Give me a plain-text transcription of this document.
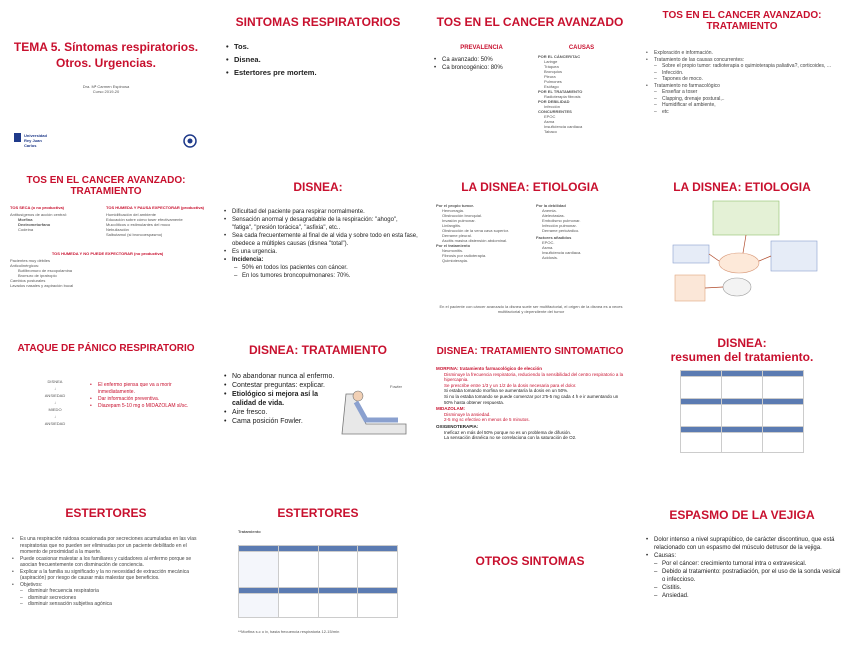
TEMA 5. Síntomas respiratorios.
Otros. Urgencias.
Dra. Mª Carmen Espinosa
Curso 2019-20
Universidad Rey Juan Carlos
SINTOMAS RESPIRATORIOS
• Tos.
• Disnea.
• Estertores pre mortem.
TOS EN EL CANCER AVANZADO
PREVALENCIA
• Ca avanzado: 50%
• Ca broncogénico: 80%
CAUSAS
POR EL CÁNCER/TAC
Laringe
Tráquea
Bronquios
Pleura
Pulmones
Esófago
POR EL TRATAMIENTO
Radioterapia fibrosis
POR DEBILIDAD
Infección
CONCURRENTES
EPOC
Asma
Insuficiencia cardiaca
Tabaco
TOS EN EL CANCER AVANZADO:
TRATAMIENTO
• Exploración e información.
• Tratamiento de las causas concurrentes:
– Sobre el propio tumor: radioterapia o quimioterapia paliativa?, corticoides, ...
– Infección.
– Tapones de moco.
• Tratamiento no farmacológico
– Enseñar a toser
– Clapping, drenaje postural,..
– Humidificar el ambiente,
– etc
TOS EN EL CANCER AVANZADO:
TRATAMIENTO
TOS SECA (o no productiva)
Antitusígenos de acción central:
Morfina
Dextrometorfano
Codeína
TOS HUMEDA Y PAUSA EXPECTORAR (productiva)
Humidificación del ambiente
Educación sobre cómo toser efectivamente
Mucolíticos o estimulantes del moco
Nebulización
Salbutamol (si broncoespasmo)
TOS HUMEDA Y NO PUEDE EXPECTORAR (no productiva)
Pacientes muy débiles
Anticolinérgicos:
Butilbromuro de escopolamina
Bromuro de ipratropio
Cambios posturales
Lavados nasales y aspiración bucal
DISNEA:
• Dificultad del paciente para respirar normalmente.
• Sensación anormal y desagradable de la respiración: "ahogo", "fatiga", "presión torácica", "asfixia", etc..
• Sea cada frecuentemente al final de al vida y sobre todo en esta fase, obedece a múltiples causas (disnea "total").
• Es una urgencia.
• Incidencia:
– 50% en todos los pacientes con cáncer.
– En los tumores broncopulmonares: 70%.
LA DISNEA: ETIOLOGIA
Por el propio tumor.
Hemorragia.
Obstrucción bronquial.
Invasión pulmonar.
Linfangitis.
Obstrucción de la vena cava superior.
Derrame pleural.
Ascitis masiva distensión abdominal.
Por el tratamiento
Neumonitis.
Fibrosis por radioterapia.
Quimioterapia.
Por la debilidad
Anemia.
Atelectasias.
Embolismo pulmonar.
Infección pulmonar.
Derrame pericárdico.
Factores añadidos
EPOC.
Asma.
Insuficiencia cardiaca.
Acidosis.
En el paciente con cáncer avanzado la disnea suele ser multifactorial, el origen de la disnea es a veces multifactorial y dependiente del tumor
LA DISNEA: ETIOLOGIA
ATAQUE DE PÁNICO RESPIRATORIO
DISNEA
↓
ANSIEDAD
↓
MIEDO
↓
ANSIEDAD
• El enfermo piensa que va a morir inmediatamente.
• Dar información preventiva.
• Diazepam 5-10 mg o MIDAZOLAM sl/sc.
DISNEA: TRATAMIENTO
• No abandonar nunca al enfermo.
• Contestar preguntas: explicar.
• Etiológico si mejora así la calidad de vida.
• Aire fresco.
• Cama posición Fowler.
Fowler
DISNEA: TRATAMIENTO SINTOMATICO
MORFINA: tratamiento farmacológico de elección
Disminuye la frecuencia respiratoria, reduciendo la sensibilidad del centro respiratorio a la hipercapnia.
Se prescribe entre 1/3 y un 1/2 de la dosis necesaria para el dolor.
Si estaba tomando morfina se aumentaría la dosis en un 50%.
Si no la estaba tomando se puede comenzar por 2'5-5 mg cada 4 h e ir aumentando un 50% hasta obtener respuesta.
MIDAZOLAM:
Disminuye la ansiedad.
2-5 mg sc efectivo en menos de 5 minutos.
OXIGENOTERAPIA:
Ineficaz en más del 50% porque no es un problema de difusión.
La sensación disnéica no se correlaciona con la saturación de O2.
DISNEA:
resumen del tratamiento.

ESTERTORES
• Es una respiración ruidosa ocasionada por secreciones acumuladas en las vías respiratorias que no pueden ser eliminadas por un paciente debilitado en el momento de proximidad a la muerte.
• Puede ocasionar malestar a los familiares y cuidadores al enfermo porque se asocian frecuentemente con disminución de conciencia.
• Explicar a la familia su significado y la no necesidad de extracción mecánica (aspiración) por riesgo de causar más malestar que beneficios.
• Objetivos:
– disminuir frecuencia respiratoria
– disminuir secreciones
– disminuir sensación subjetiva agónica
ESTERTORES
Tratamiento

**Morfina s.c o iv, hasta frecuencia respiratoria 12-15/min
OTROS SINTOMAS
ESPASMO DE LA VEJIGA
• Dolor intenso a nivel suprapúbico, de carácter discontinuo, que está relacionado con un espasmo del músculo detrusor de la vejiga.
• Causas:
– Por el cáncer: crecimiento tumoral intra o extravesical.
– Debido al tratamiento: postradiación, por el uso de la sonda vesical o infeccioso.
– Cistitis.
– Ansiedad.
